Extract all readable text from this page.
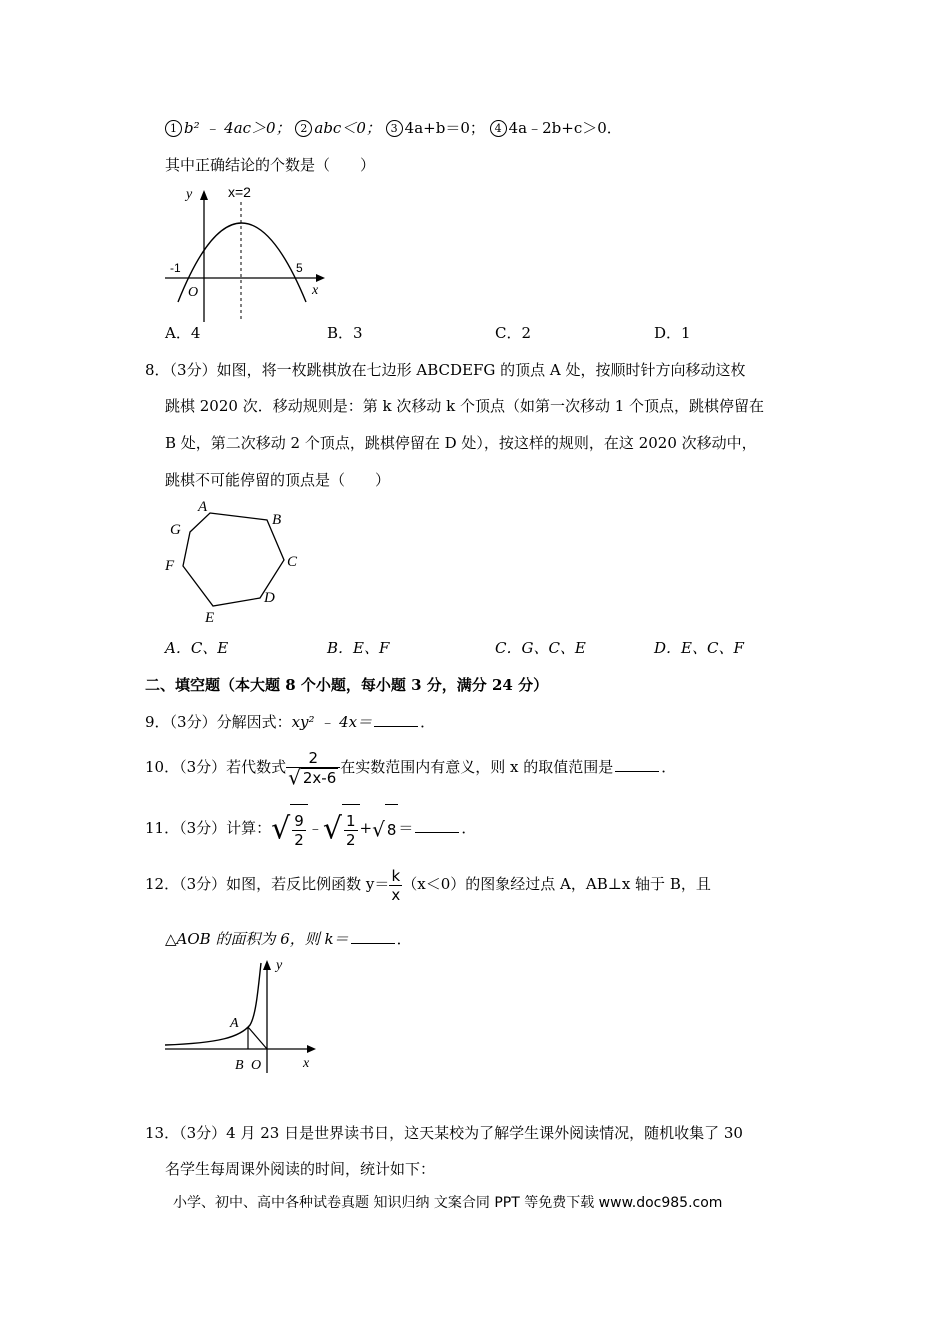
1 b² ﹣ 4ac＞0； 2 abc＜0； 3 4a+b＝0； 4 4a﹣2b+c＞0．
其中正确结论的个数是（　　）
y
x
x=2
-1	5
O
A．4	B．3	C．2	D．1
8．（3分）如图，将一枚跳棋放在七边形 ABCDEFG 的顶点 A 处，按顺时针方向移动这枚
跳棋 2020 次．移动规则是：第 k 次移动 k 个顶点（如第一次移动 1 个顶点，跳棋停留在
B 处，第二次移动 2 个顶点，跳棋停留在 D 处），按这样的规则，在这 2020 次移动中，
跳棋不可能停留的顶点是（　　）
A
B
C
D
E
F
G
A．C、E	B．E、F	C．G、C、E	D．E、C、F
二、填空题（本大题 8 个小题，每小题 3 分，满分 24 分）
9．（3分）分解因式：xy² ﹣ 4x＝	．
10．（3分）若代数式 $\frac{2}{√ 2x-6}$ 在实数范围内有意义，则 x 的取值范围是	．
11．（3分）计算：√ $\frac{9}{2}$ ﹣√ $\frac{1}{2}$ +√ 8 ＝	．
12．（3分）如图，若反比例函数 $y= \frac{k}{x} (x<0)$的图象经过点 A，AB⊥x 轴于 B，且
△AOB 的面积为 6，则 k＝	．
y
x
A
B O
13．（3分）4 月 23 日是世界读书日，这天某校为了解学生课外阅读情况，随机收集了 30
名学生每周课外阅读的时间，统计如下：
小学、初中、高中各种试卷真题 知识归纳 文案合同 PPT 等免费下载 www.doc985.com
